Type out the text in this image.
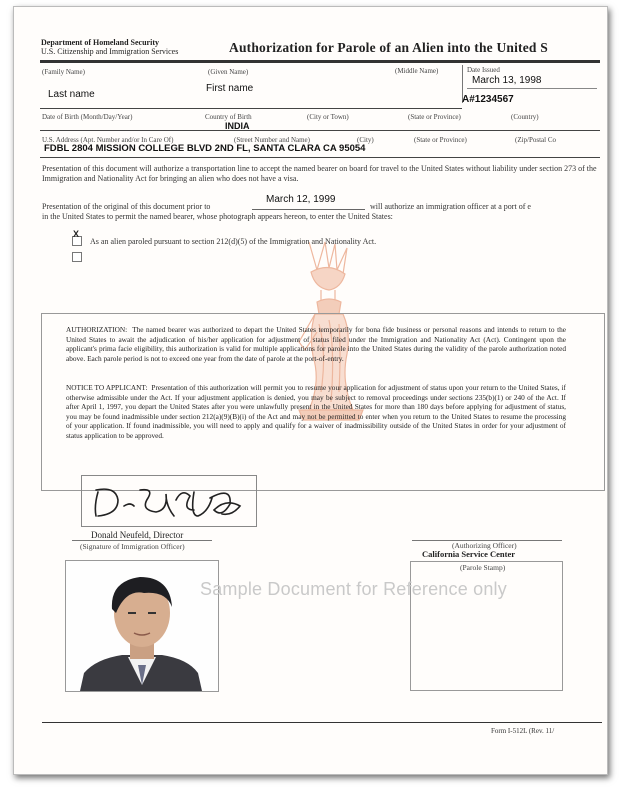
Department of Homeland Security
U.S. Citizenship and Immigration Services	Authorization for Parole of an Alien into the United S
(Family Name)
Last name
(Given Name)
First name
(Middle Name)	Date Issued
March 13, 1998
A#1234567
Date of Birth (Month/Day/Year)	Country of Birth
INDIA
(City or Town)	(State or Province)	(Country)
U.S. Address (Apt. Number and/or In Care Of)	(Street Number and Name)	(City)	(State or Province)	(Zip/Postal Co
FDBL 2804 MISSION COLLEGE BLVD 2ND FL, SANTA CLARA CA 95054
Presentation of this document will authorize a transportation line to accept the named bearer on board for travel to the United States without liability under section 273 of the Immigration and Nationality Act for bringing an alien who does not have a visa.
Presentation of the original of this document prior to
March 12, 1999
will authorize an immigration officer at a port of e
in the United States to permit the named bearer, whose photograph appears hereon, to enter the United States:
X
As an alien paroled pursuant to section 212(d)(5) of the Immigration and Nationality Act.
AUTHORIZATION: The named bearer was authorized to depart the United States temporarily for bona fide business or personal reasons and intends to return to the United States to await the adjudication of his/her application for adjustment of status filed under the Immigration and Nationality Act (Act). Contingent upon the applicant's prima facie eligibility, this authorization is valid for multiple applications for parole into the United States during the validity of the parole authorization noted above. Each parole period is not to exceed one year from the date of parole at the port-of-entry.
NOTICE TO APPLICANT: Presentation of this authorization will permit you to resume your application for adjustment of status upon your return to the United States, if otherwise admissible under the Act. If your adjustment application is denied, you may be subject to removal proceedings under sections 235(b)(1) or 240 of the Act. If after April 1, 1997, you depart the United States after you were unlawfully present in the United States for more than 180 days before applying for adjustment of status, you may be found inadmissible under section 212(a)(9)(B)(i) of the Act and may not be permitted to enter when you return to the United States to resume the processing of your application. If found inadmissible, you will need to apply and qualify for a waiver of inadmissibility outside of the United States in order for your adjustment of status application to be approved.
Donald Neufeld, Director
(Signature of Immigration Officer)	(Authorizing Officer)
California Service Center
(Parole Stamp)
Sample Document for Reference only
Form I-512L (Rev. 11/
